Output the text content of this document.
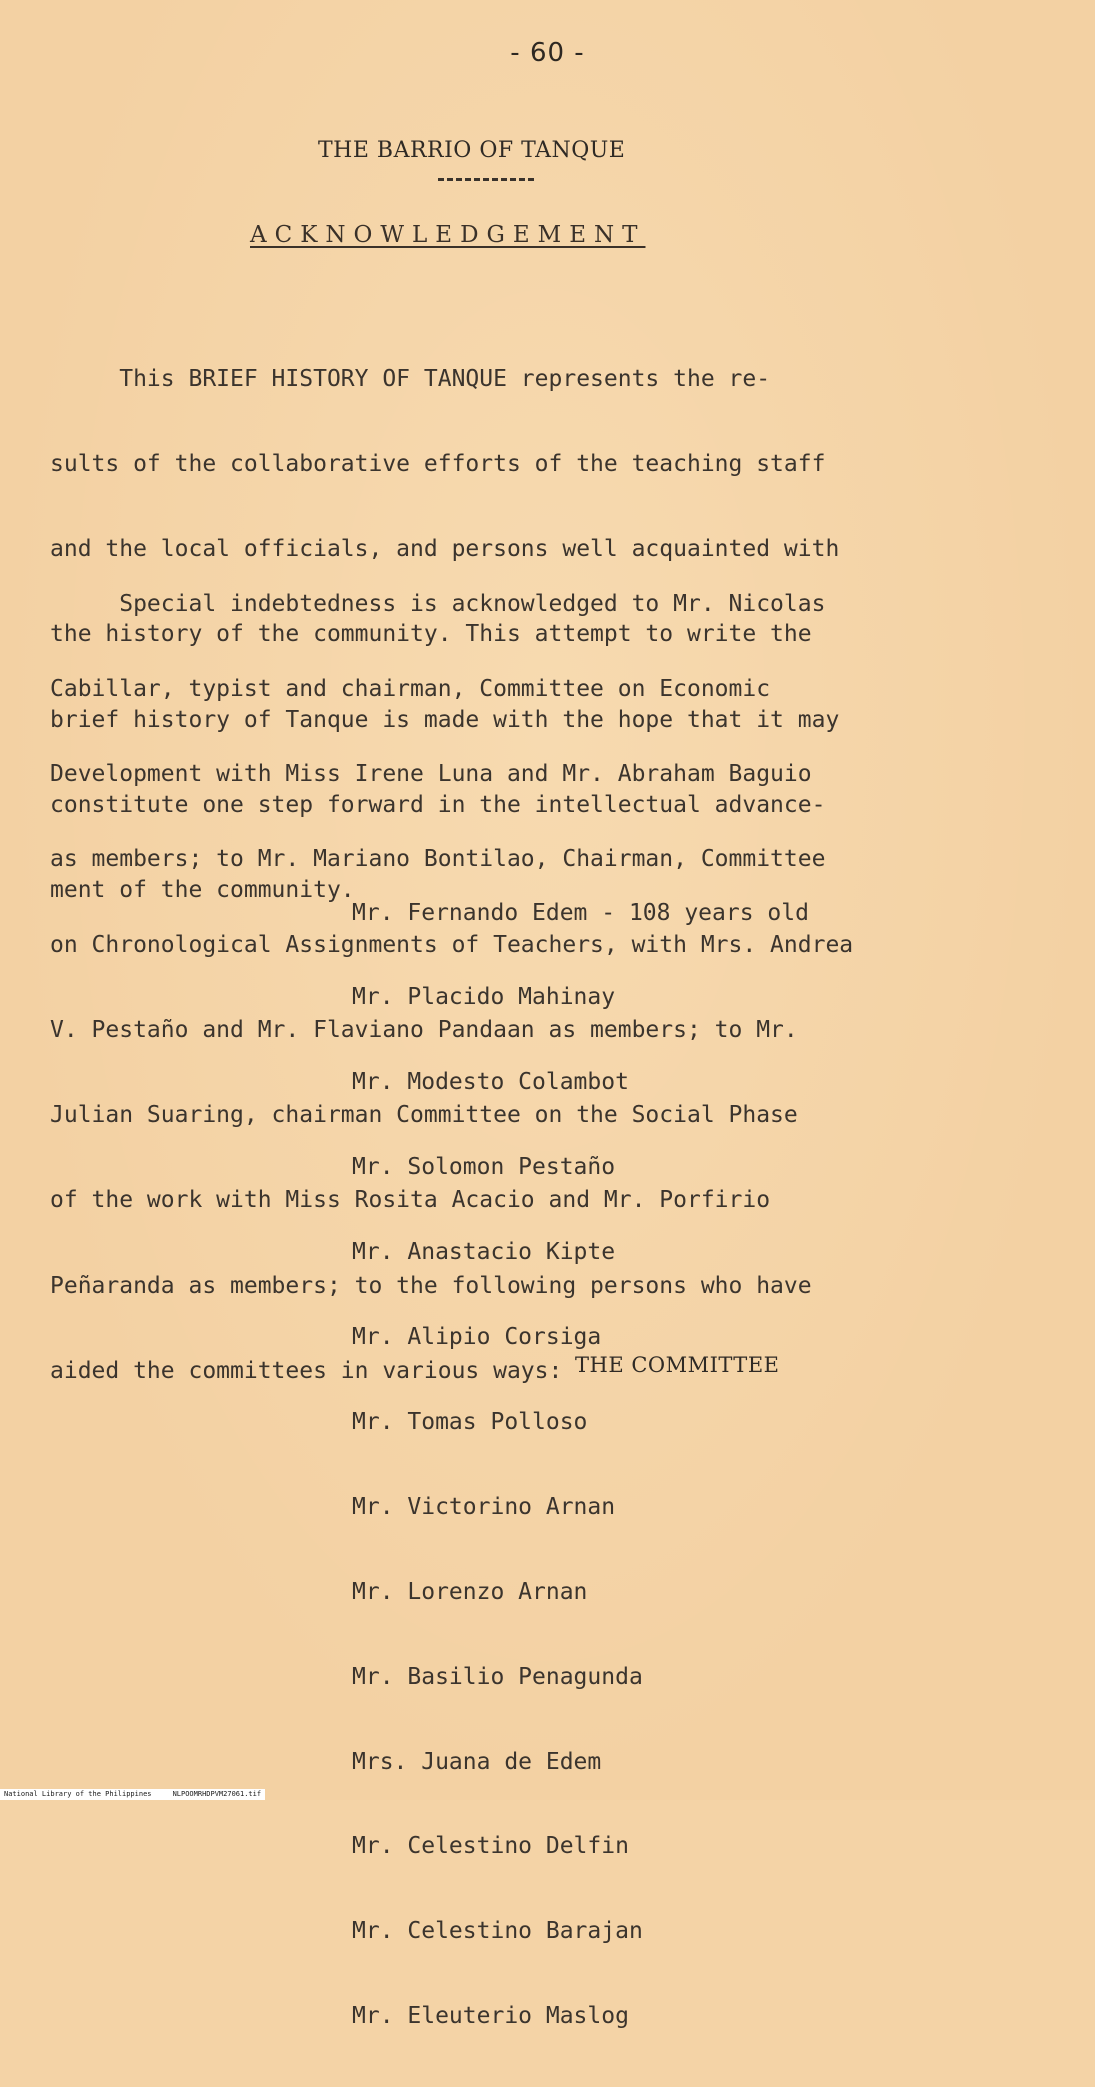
- 60 -
THE BARRIO OF TANQUE
ACKNOWLEDGEMENT

This BRIEF HISTORY OF TANQUE represents the re-

sults of the collaborative efforts of the teaching staff

and the local officials, and persons well acquainted with

the history of the community. This attempt to write the

brief history of Tanque is made with the hope that it may

constitute one step forward in the intellectual advance-

ment of the community.

Special indebtedness is acknowledged to Mr. Nicolas

Cabillar, typist and chairman, Committee on Economic

Development with Miss Irene Luna and Mr. Abraham Baguio

as members; to Mr. Mariano Bontilao, Chairman, Committee

on Chronological Assignments of Teachers, with Mrs. Andrea

V. Pestaño and Mr. Flaviano Pandaan as members; to Mr.

Julian Suaring, chairman Committee on the Social Phase

of the work with Miss Rosita Acacio and Mr. Porfirio

Peñaranda as members; to the following persons who have

aided the committees in various ways:

Mr. Fernando Edem - 108 years old

Mr. Placido Mahinay

Mr. Modesto Colambot

Mr. Solomon Pestaño

Mr. Anastacio Kipte

Mr. Alipio Corsiga

Mr. Tomas Polloso

Mr. Victorino Arnan

Mr. Lorenzo Arnan

Mr. Basilio Penagunda

Mrs. Juana de Edem

Mr. Celestino Delfin

Mr. Celestino Barajan

Mr. Eleuterio Maslog

THE COMMITTEE
National Library of the Philippines     NLPOOMRHDPVM27061.tif
